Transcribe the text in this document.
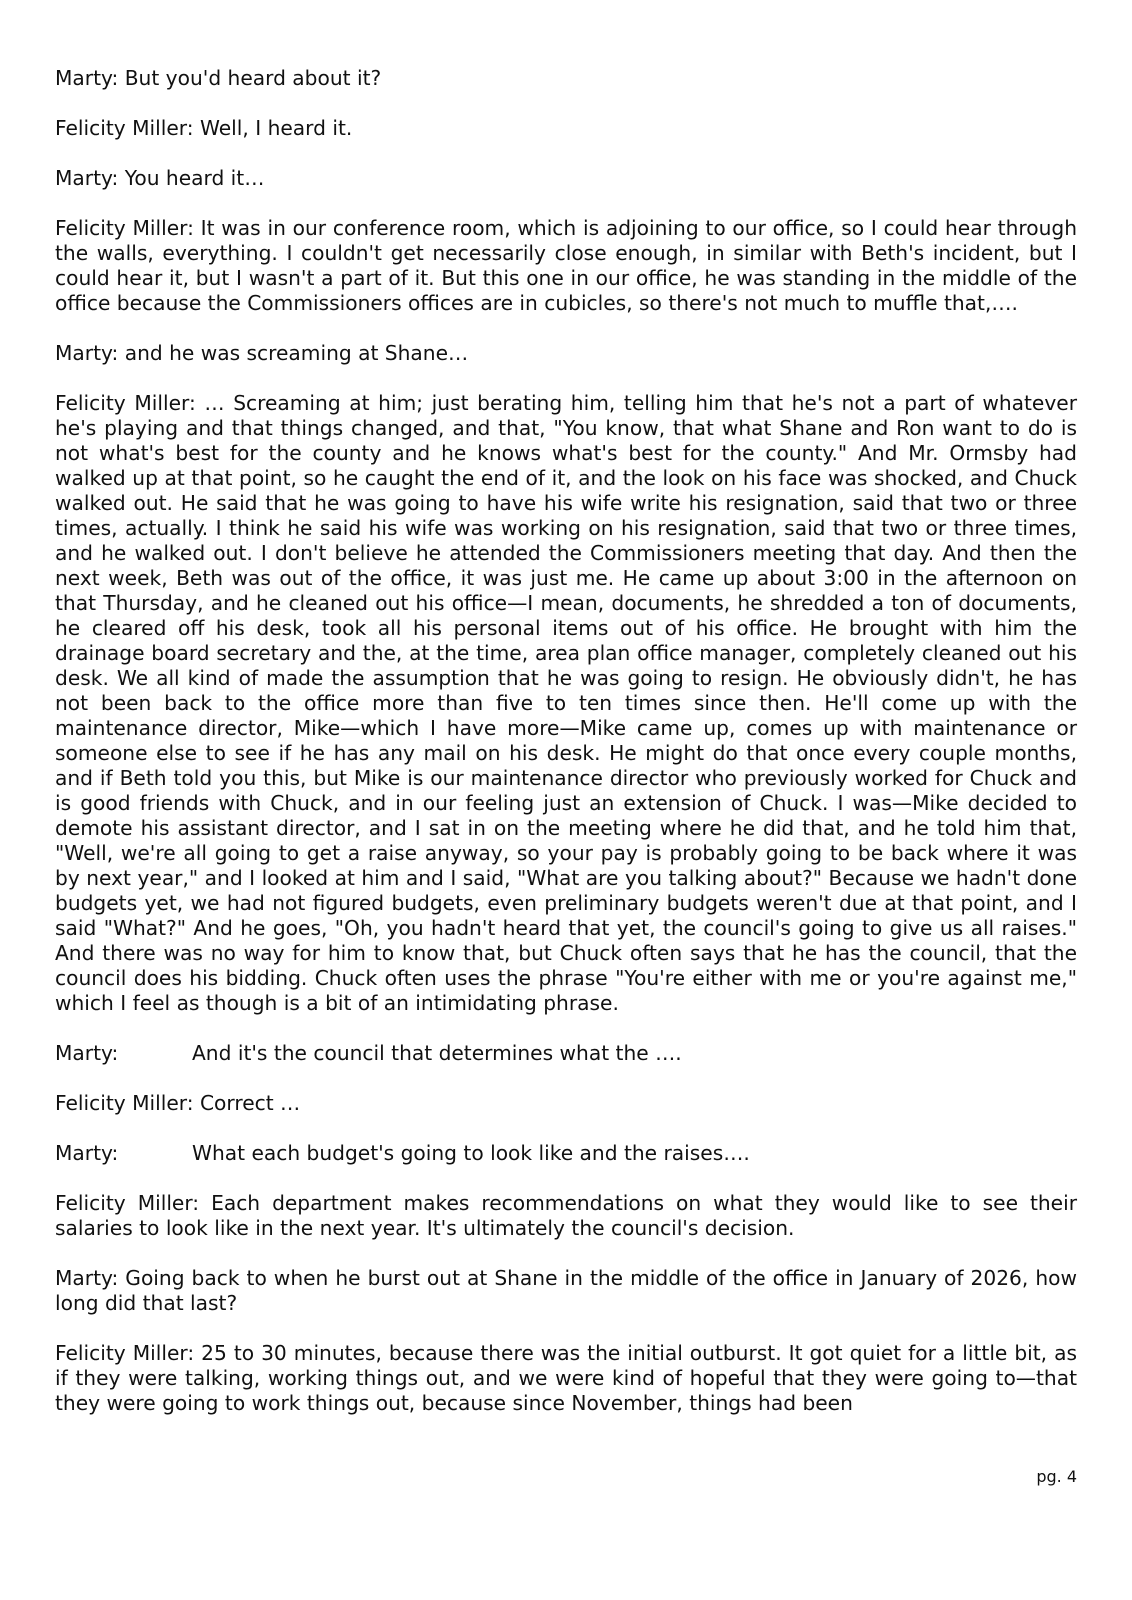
Marty: But you'd heard about it?

Felicity Miller: Well, I heard it.

Marty: You heard it…

Felicity Miller: It was in our conference room, which is adjoining to our office, so I could hear through the walls, everything. I couldn't get necessarily close enough, in similar with Beth's incident, but I could hear it, but I wasn't a part of it. But this one in our office, he was standing in the middle of the office because the Commissioners offices are in cubicles, so there's not much to muffle that,….

Marty: and he was screaming at Shane…

Felicity Miller: … Screaming at him; just berating him, telling him that he's not a part of whatever he's playing and that things changed, and that, "You know, that what Shane and Ron want to do is not what's best for the county and he knows what's best for the county." And Mr. Ormsby had walked up at that point, so he caught the end of it, and the look on his face was shocked, and Chuck walked out. He said that he was going to have his wife write his resignation, said that two or three times, actually. I think he said his wife was working on his resignation, said that two or three times, and he walked out. I don't believe he attended the Commissioners meeting that day. And then the next week, Beth was out of the office, it was just me. He came up about 3:00 in the afternoon on that Thursday, and he cleaned out his office—I mean, documents, he shredded a ton of documents, he cleared off his desk, took all his personal items out of his office. He brought with him the drainage board secretary and the, at the time, area plan office manager, completely cleaned out his desk. We all kind of made the assumption that he was going to resign. He obviously didn't, he has not been back to the office more than five to ten times since then. He'll come up with the maintenance director, Mike—which I have more—Mike came up, comes up with maintenance or someone else to see if he has any mail on his desk. He might do that once every couple months, and if Beth told you this, but Mike is our maintenance director who previously worked for Chuck and is good friends with Chuck, and in our feeling just an extension of Chuck. I was—Mike decided to demote his assistant director, and I sat in on the meeting where he did that, and he told him that, "Well, we're all going to get a raise anyway, so your pay is probably going to be back where it was by next year," and I looked at him and I said, "What are you talking about?" Because we hadn't done budgets yet, we had not figured budgets, even preliminary budgets weren't due at that point, and I said "What?" And he goes, "Oh, you hadn't heard that yet, the council's going to give us all raises." And there was no way for him to know that, but Chuck often says that he has the council, that the council does his bidding. Chuck often uses the phrase "You're either with me or you're against me," which I feel as though is a bit of an intimidating phrase.

Marty:	And it's the council that determines what the ….

Felicity Miller: Correct …

Marty:	What each budget's going to look like and the raises….

Felicity Miller: Each department makes recommendations on what they would like to see their salaries to look like in the next year. It's ultimately the council's decision.

Marty: Going back to when he burst out at Shane in the middle of the office in January of 2026, how long did that last?

Felicity Miller: 25 to 30 minutes, because there was the initial outburst. It got quiet for a little bit, as if they were talking, working things out, and we were kind of hopeful that they were going to—that they were going to work things out, because since November, things had been

pg. 4
